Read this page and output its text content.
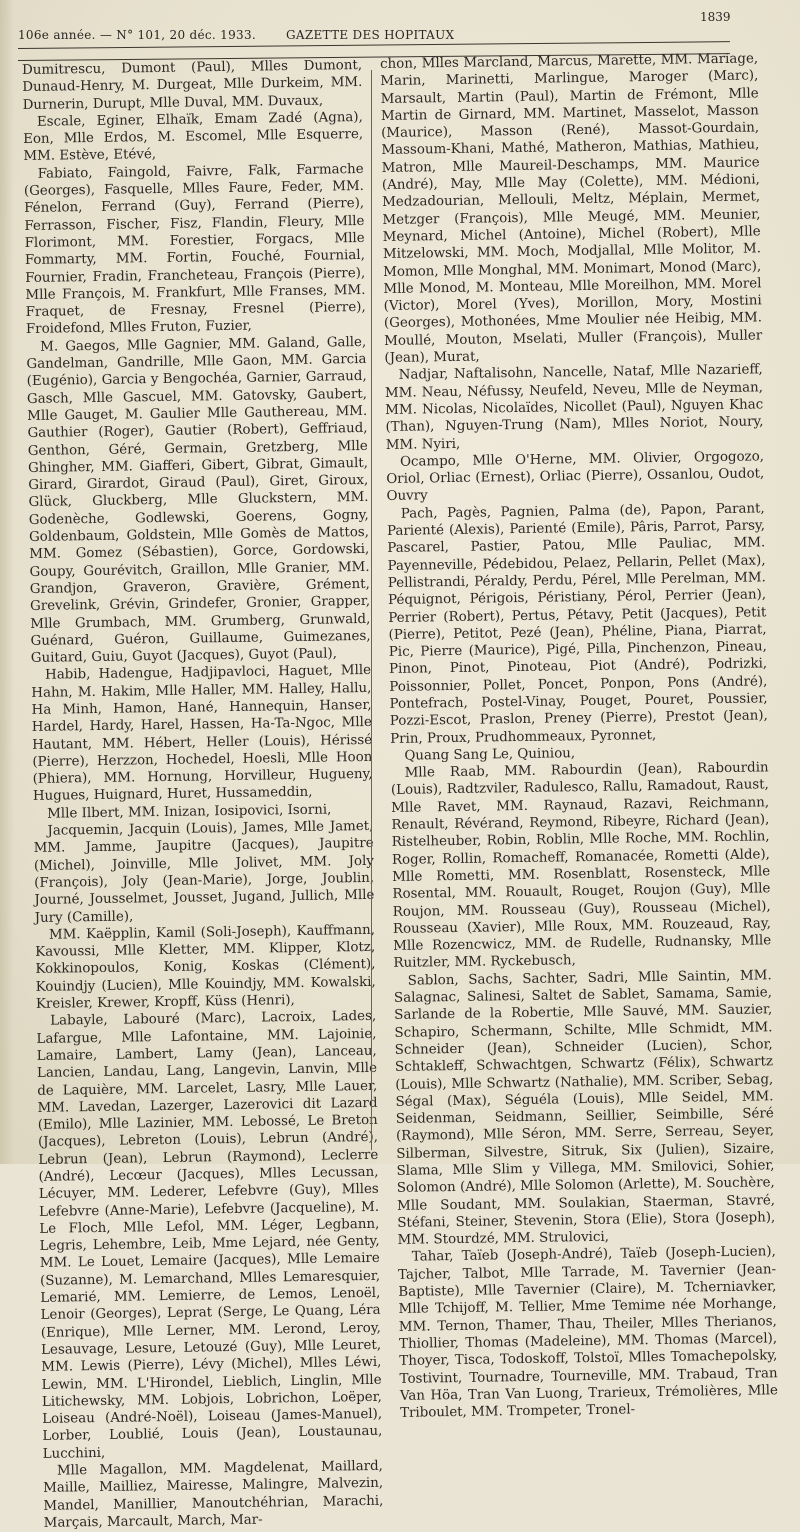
106e année. — N° 101, 20 déc. 1933.	GAZETTE DES HOPITAUX
1839

Dumitrescu, Dumont (Paul), Mlles Dumont, Dunaud-Henry, M. Durgeat, Mlle Durkeim, MM. Durnerin, Durupt, Mlle Duval, MM. Duvaux,

Escale, Eginer, Elhaïk, Emam Zadé (Agna), Eon, Mlle Erdos, M. Escomel, Mlle Esquerre, MM. Estève, Etévé,

Fabiato, Faingold, Faivre, Falk, Farmache (Georges), Fasquelle, Mlles Faure, Feder, MM. Fénelon, Ferrand (Guy), Ferrand (Pierre), Ferrasson, Fischer, Fisz, Flandin, Fleury, Mlle Florimont, MM. Forestier, Forgacs, Mlle Fommarty, MM. Fortin, Fouché, Fournial, Fournier, Fradin, Francheteau, François (Pierre), Mlle François, M. Frankfurt, Mlle Franses, MM. Fraquet, de Fresnay, Fresnel (Pierre), Froidefond, Mlles Fruton, Fuzier,

M. Gaegos, Mlle Gagnier, MM. Galand, Galle, Gandelman, Gandrille, Mlle Gaon, MM. Garcia (Eugénio), Garcia y Bengochéa, Garnier, Garraud, Gasch, Mlle Gascuel, MM. Gatovsky, Gaubert, Mlle Gauget, M. Gaulier Mlle Gauthereau, MM. Gauthier (Roger), Gautier (Robert), Geffriaud, Genthon, Géré, Germain, Gretzberg, Mlle Ghingher, MM. Giafferi, Gibert, Gibrat, Gimault, Girard, Girardot, Giraud (Paul), Giret, Giroux, Glück, Gluckberg, Mlle Gluckstern, MM. Godenèche, Godlewski, Goerens, Gogny, Goldenbaum, Goldstein, Mlle Gomès de Mattos, MM. Gomez (Sébastien), Gorce, Gordowski, Goupy, Gourévitch, Graillon, Mlle Granier, MM. Grandjon, Graveron, Gravière, Grément, Grevelink, Grévin, Grindefer, Gronier, Grapper, Mlle Grumbach, MM. Grumberg, Grunwald, Guénard, Guéron, Guillaume, Guimezanes, Guitard, Guiu, Guyot (Jacques), Guyot (Paul),

Habib, Hadengue, Hadjipavloci, Haguet, Mlle Hahn, M. Hakim, Mlle Haller, MM. Halley, Hallu, Ha Minh, Hamon, Hané, Hannequin, Hanser, Hardel, Hardy, Harel, Hassen, Ha-Ta-Ngoc, Mlle Hautant, MM. Hébert, Heller (Louis), Hérissé (Pierre), Herzzon, Hochedel, Hoesli, Mlle Hoon (Phiera), MM. Hornung, Horvilleur, Hugueny, Hugues, Huignard, Huret, Hussameddin,

Mlle Ilbert, MM. Inizan, Iosipovici, Isorni,

Jacquemin, Jacquin (Louis), James, Mlle Jamet, MM. Jamme, Jaupitre (Jacques), Jaupitre (Michel), Joinville, Mlle Jolivet, MM. Joly (François), Joly (Jean-Marie), Jorge, Joublin, Journé, Jousselmet, Jousset, Jugand, Jullich, Mlle Jury (Camille),

MM. Kaëpplin, Kamil (Soli-Joseph), Kauffmann, Kavoussi, Mlle Kletter, MM. Klipper, Klotz, Kokkinopoulos, Konig, Koskas (Clément), Kouindjy (Lucien), Mlle Kouindjy, MM. Kowalski, Kreisler, Krewer, Kropff, Küss (Henri),

Labayle, Labouré (Marc), Lacroix, Lades, Lafargue, Mlle Lafontaine, MM. Lajoinie, Lamaire, Lambert, Lamy (Jean), Lanceau, Lancien, Landau, Lang, Langevin, Lanvin, Mlle de Laquière, MM. Larcelet, Lasry, Mlle Lauer, MM. Lavedan, Lazerger, Lazerovici dit Lazard (Emilo), Mlle Lazinier, MM. Lebossé, Le Breton (Jacques), Lebreton (Louis), Lebrun (André), Lebrun (Jean), Lebrun (Raymond), Leclerre (André), Lecœur (Jacques), Mlles Lecussan, Lécuyer, MM. Lederer, Lefebvre (Guy), Mlles Lefebvre (Anne-Marie), Lefebvre (Jacqueline), M. Le Floch, Mlle Lefol, MM. Léger, Legbann, Legris, Lehembre, Leib, Mme Lejard, née Genty, MM. Le Louet, Lemaire (Jacques), Mlle Lemaire (Suzanne), M. Lemarchand, Mlles Lemaresquier, Lemarié, MM. Lemierre, de Lemos, Lenoël, Lenoir (Georges), Leprat (Serge, Le Quang, Léra (Enrique), Mlle Lerner, MM. Lerond, Leroy, Lesauvage, Lesure, Letouzé (Guy), Mlle Leuret, MM. Lewis (Pierre), Lévy (Michel), Mlles Léwi, Lewin, MM. L'Hirondel, Lieblich, Linglin, Mlle Litichewsky, MM. Lobjois, Lobrichon, Loëper, Loiseau (André-Noël), Loiseau (James-Manuel), Lorber, Loublié, Louis (Jean), Loustaunau, Lucchini,

Mlle Magallon, MM. Magdelenat, Maillard, Maille, Mailliez, Mairesse, Malingre, Malvezin, Mandel, Manillier, Manoutchéhrian, Marachi, Marçais, Marcault, March, Mar-

chon, Mlles Marcland, Marcus, Marette, MM. Mariage, Marin, Marinetti, Marlingue, Maroger (Marc), Marsault, Martin (Paul), Martin de Frémont, Mlle Martin de Girnard, MM. Martinet, Masselot, Masson (Maurice), Masson (René), Massot-Gourdain, Massoum-Khani, Mathé, Matheron, Mathias, Mathieu, Matron, Mlle Maureil-Deschamps, MM. Maurice (André), May, Mlle May (Colette), MM. Médioni, Medzadourian, Mellouli, Meltz, Méplain, Mermet, Metzger (François), Mlle Meugé, MM. Meunier, Meynard, Michel (Antoine), Michel (Robert), Mlle Mitzelowski, MM. Moch, Modjallal, Mlle Molitor, M. Momon, Mlle Monghal, MM. Monimart, Monod (Marc), Mlle Monod, M. Monteau, Mlle Moreilhon, MM. Morel (Victor), Morel (Yves), Morillon, Mory, Mostini (Georges), Mothonées, Mme Moulier née Heibig, MM. Moullé, Mouton, Mselati, Muller (François), Muller (Jean), Murat,

Nadjar, Naftalisohn, Nancelle, Nataf, Mlle Nazarieff, MM. Neau, Néfussy, Neufeld, Neveu, Mlle de Neyman, MM. Nicolas, Nicolaïdes, Nicollet (Paul), Nguyen Khac (Than), Nguyen-Trung (Nam), Mlles Noriot, Noury, MM. Nyiri,

Ocampo, Mlle O'Herne, MM. Olivier, Orgogozo, Oriol, Orliac (Ernest), Orliac (Pierre), Ossanlou, Oudot, Ouvry

Pach, Pagès, Pagnien, Palma (de), Papon, Parant, Parienté (Alexis), Parienté (Emile), Pâris, Parrot, Parsy, Pascarel, Pastier, Patou, Mlle Pauliac, MM. Payenneville, Pédebidou, Pelaez, Pellarin, Pellet (Max), Pellistrandi, Péraldy, Perdu, Pérel, Mlle Perelman, MM. Péquignot, Périgois, Péristiany, Pérol, Perrier (Jean), Perrier (Robert), Pertus, Pétavy, Petit (Jacques), Petit (Pierre), Petitot, Pezé (Jean), Phéline, Piana, Piarrat, Pic, Pierre (Maurice), Pigé, Pilla, Pinchenzon, Pineau, Pinon, Pinot, Pinoteau, Piot (André), Podrizki, Poissonnier, Pollet, Poncet, Ponpon, Pons (André), Pontefrach, Postel-Vinay, Pouget, Pouret, Poussier, Pozzi-Escot, Praslon, Preney (Pierre), Prestot (Jean), Prin, Proux, Prudhommeaux, Pyronnet,

Quang Sang Le, Quiniou,

Mlle Raab, MM. Rabourdin (Jean), Rabourdin (Louis), Radtzviler, Radulesco, Rallu, Ramadout, Raust, Mlle Ravet, MM. Raynaud, Razavi, Reichmann, Renault, Révérand, Reymond, Ribeyre, Richard (Jean), Ristelheuber, Robin, Roblin, Mlle Roche, MM. Rochlin, Roger, Rollin, Romacheff, Romanacée, Rometti (Alde), Mlle Rometti, MM. Rosenblatt, Rosensteck, Mlle Rosental, MM. Rouault, Rouget, Roujon (Guy), Mlle Roujon, MM. Rousseau (Guy), Rousseau (Michel), Rousseau (Xavier), Mlle Roux, MM. Rouzeaud, Ray, Mlle Rozencwicz, MM. de Rudelle, Rudnansky, Mlle Ruitzler, MM. Ryckebusch,

Sablon, Sachs, Sachter, Sadri, Mlle Saintin, MM. Salagnac, Salinesi, Saltet de Sablet, Samama, Samie, Sarlande de la Robertie, Mlle Sauvé, MM. Sauzier, Schapiro, Schermann, Schilte, Mlle Schmidt, MM. Schneider (Jean), Schneider (Lucien), Schor, Schtakleff, Schwachtgen, Schwartz (Félix), Schwartz (Louis), Mlle Schwartz (Nathalie), MM. Scriber, Sebag, Ségal (Max), Séguéla (Louis), Mlle Seidel, MM. Seidenman, Seidmann, Seillier, Seimbille, Séré (Raymond), Mlle Séron, MM. Serre, Serreau, Seyer, Silberman, Silvestre, Sitruk, Six (Julien), Sizaire, Slama, Mlle Slim y Villega, MM. Smilovici, Sohier, Solomon (André), Mlle Solomon (Arlette), M. Souchère, Mlle Soudant, MM. Soulakian, Staerman, Stavré, Stéfani, Steiner, Stevenin, Stora (Elie), Stora (Joseph), MM. Stourdzé, MM. Strulovici,

Tahar, Taïeb (Joseph-André), Taïeb (Joseph-Lucien), Tajcher, Talbot, Mlle Tarrade, M. Tavernier (Jean-Baptiste), Mlle Tavernier (Claire), M. Tcherniavker, Mlle Tchijoff, M. Tellier, Mme Temime née Morhange, MM. Ternon, Thamer, Thau, Theiler, Mlles Therianos, Thiollier, Thomas (Madeleine), MM. Thomas (Marcel), Thoyer, Tisca, Todoskoff, Tolstoï, Mlles Tomachepolsky, Tostivint, Tournadre, Tourneville, MM. Trabaud, Tran Van Höa, Tran Van Luong, Trarieux, Trémolières, Mlle Triboulet, MM. Trompeter, Tronel-
